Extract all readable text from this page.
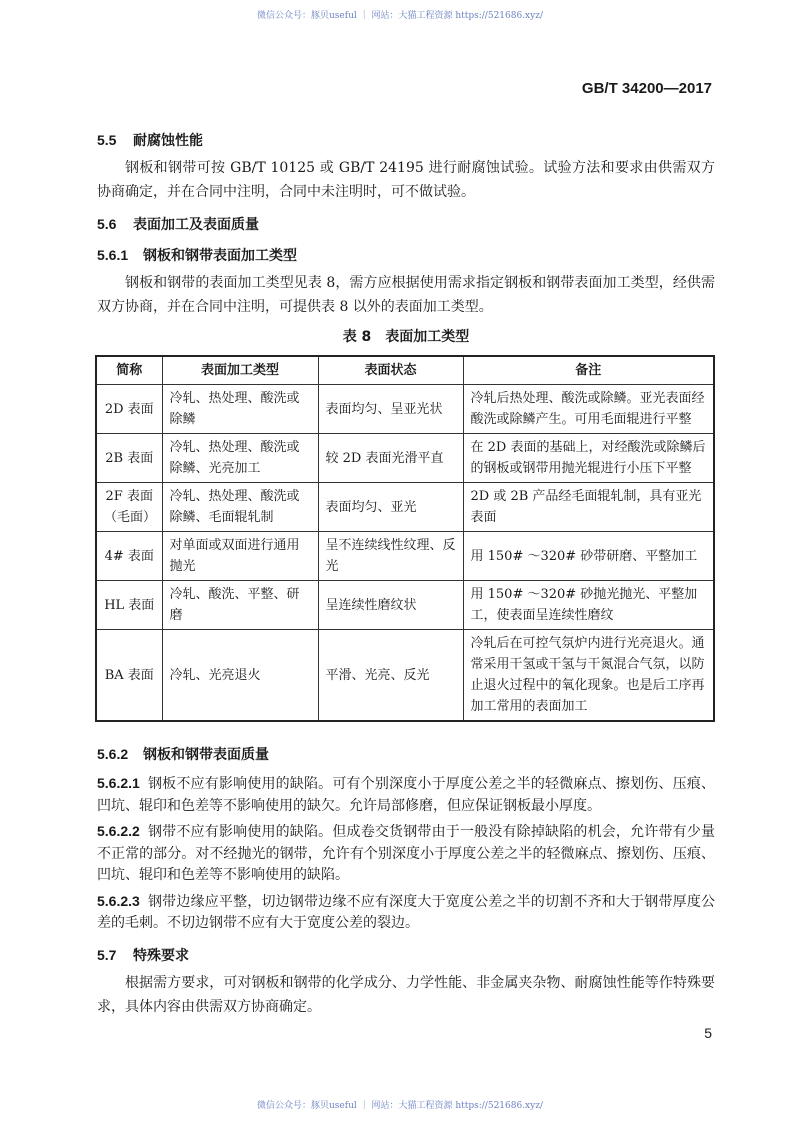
微信公众号：豚贝useful ｜ 网站：大猫工程资源 https://521686.xyz/
GB/T 34200—2017
5.5 耐腐蚀性能
钢板和钢带可按 GB/T 10125 或 GB/T 24195 进行耐腐蚀试验。试验方法和要求由供需双方协商确定，并在合同中注明，合同中未注明时，可不做试验。
5.6 表面加工及表面质量
5.6.1 钢板和钢带表面加工类型
钢板和钢带的表面加工类型见表 8，需方应根据使用需求指定钢板和钢带表面加工类型，经供需双方协商，并在合同中注明，可提供表 8 以外的表面加工类型。
表 8　表面加工类型
简称	表面加工类型	表面状态	备注
2D 表面	冷轧、热处理、酸洗或除鳞	表面均匀、呈亚光状	冷轧后热处理、酸洗或除鳞。亚光表面经酸洗或除鳞产生。可用毛面辊进行平整
2B 表面	冷轧、热处理、酸洗或除鳞、光亮加工	较 2D 表面光滑平直	在 2D 表面的基础上，对经酸洗或除鳞后的钢板或钢带用抛光辊进行小压下平整
2F 表面（毛面）	冷轧、热处理、酸洗或除鳞、毛面辊轧制	表面均匀、亚光	2D 或 2B 产品经毛面辊轧制，具有亚光表面
4# 表面	对单面或双面进行通用抛光	呈不连续线性纹理、反光	用 150# ～320# 砂带研磨、平整加工
HL 表面	冷轧、酸洗、平整、研磨	呈连续性磨纹状	用 150# ～320# 砂抛光抛光、平整加工，使表面呈连续性磨纹
BA 表面	冷轧、光亮退火	平滑、光亮、反光	冷轧后在可控气氛炉内进行光亮退火。通常采用干氢或干氢与干氮混合气氛，以防止退火过程中的氧化现象。也是后工序再加工常用的表面加工
5.6.2 钢板和钢带表面质量
5.6.2.1 钢板不应有影响使用的缺陷。可有个别深度小于厚度公差之半的轻微麻点、擦划伤、压痕、凹坑、辊印和色差等不影响使用的缺欠。允许局部修磨，但应保证钢板最小厚度。
5.6.2.2 钢带不应有影响使用的缺陷。但成卷交货钢带由于一般没有除掉缺陷的机会，允许带有少量不正常的部分。对不经抛光的钢带，允许有个别深度小于厚度公差之半的轻微麻点、擦划伤、压痕、凹坑、辊印和色差等不影响使用的缺陷。
5.6.2.3 钢带边缘应平整，切边钢带边缘不应有深度大于宽度公差之半的切割不齐和大于钢带厚度公差的毛刺。不切边钢带不应有大于宽度公差的裂边。
5.7 特殊要求
根据需方要求，可对钢板和钢带的化学成分、力学性能、非金属夹杂物、耐腐蚀性能等作特殊要求，具体内容由供需双方协商确定。
5
微信公众号：豚贝useful ｜ 网站：大猫工程资源 https://521686.xyz/
